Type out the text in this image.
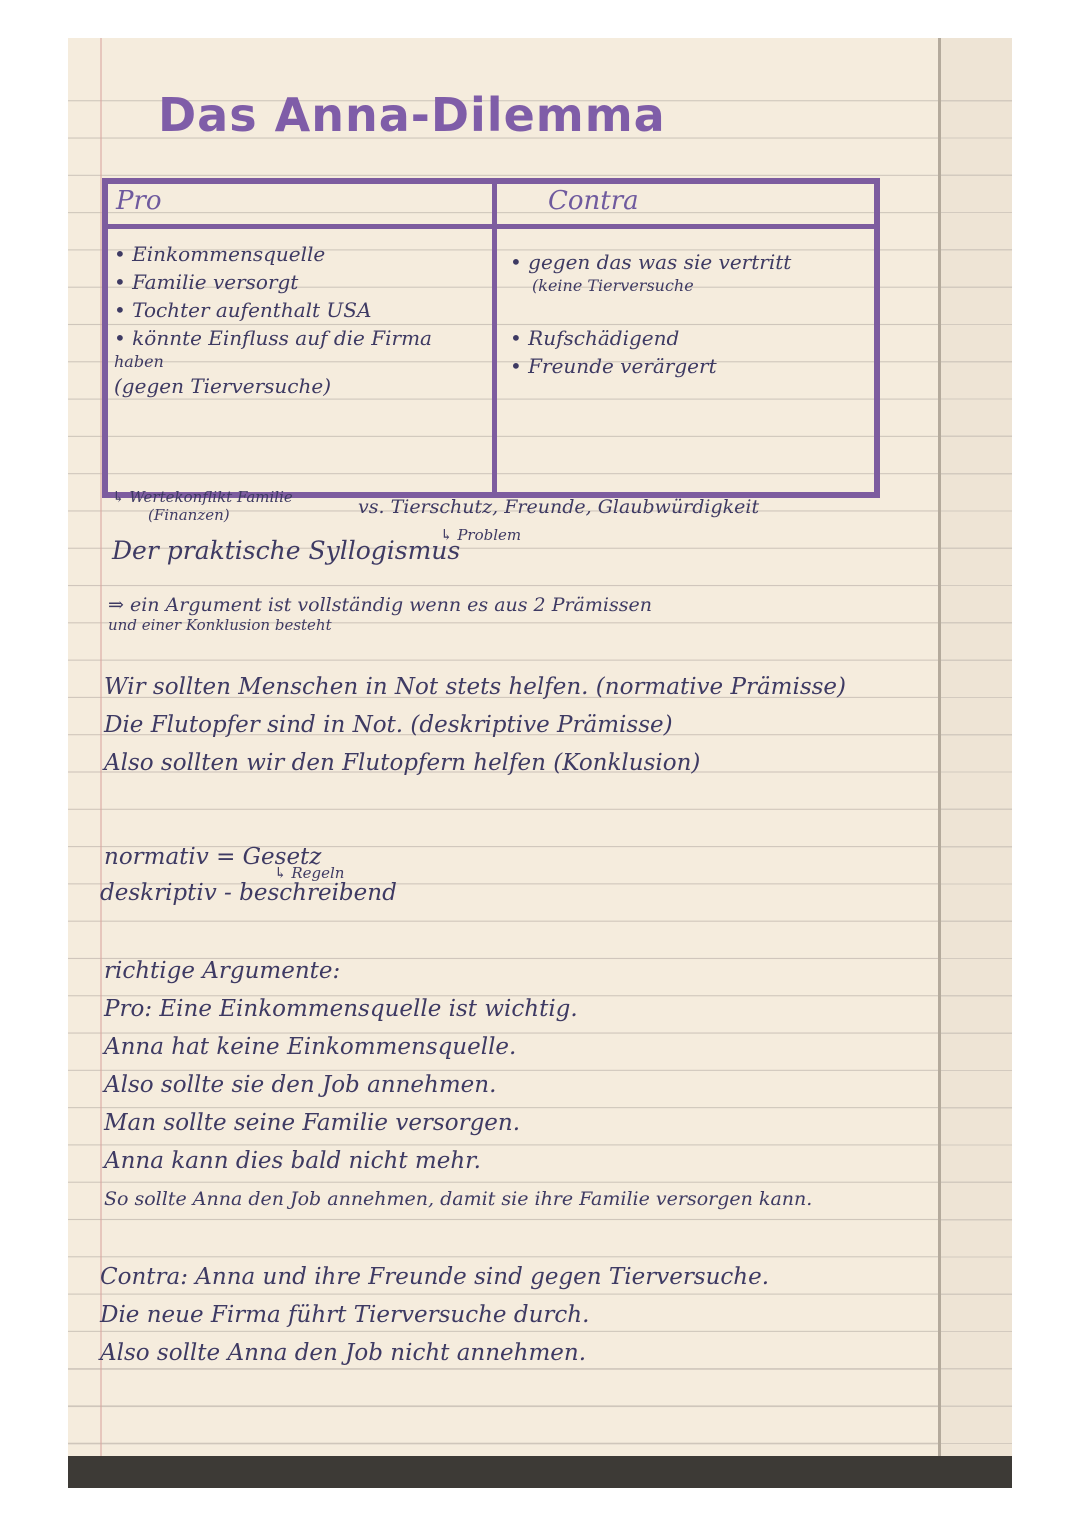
Das Anna-Dilemma
Pro	Contra
• Einkommensquelle
• Familie versorgt
• Tochter aufenthalt USA
• könnte Einfluss auf die Firma
haben
(gegen Tierversuche)
• gegen das was sie vertritt
(keine Tierversuche
• Rufschädigend
• Freunde verärgert
↳ Wertekonflikt Familie
(Finanzen)	vs. Tierschutz, Freunde, Glaubwürdigkeit
↳ Problem
Der praktische Syllogismus
⇒ ein Argument ist vollständig wenn es aus 2 Prämissen
und einer Konklusion besteht
Wir sollten Menschen in Not stets helfen. (normative Prämisse)
Die Flutopfer sind in Not. (deskriptive Prämisse)
Also sollten wir den Flutopfern helfen (Konklusion)
normativ = Gesetz
↳ Regeln
deskriptiv - beschreibend
richtige Argumente:
Pro: Eine Einkommensquelle ist wichtig.
Anna hat keine Einkommensquelle.
Also sollte sie den Job annehmen.
Man sollte seine Familie versorgen.
Anna kann dies bald nicht mehr.
So sollte Anna den Job annehmen, damit sie ihre Familie versorgen kann.
Contra: Anna und ihre Freunde sind gegen Tierversuche.
Die neue Firma führt Tierversuche durch.
Also sollte Anna den Job nicht annehmen.
